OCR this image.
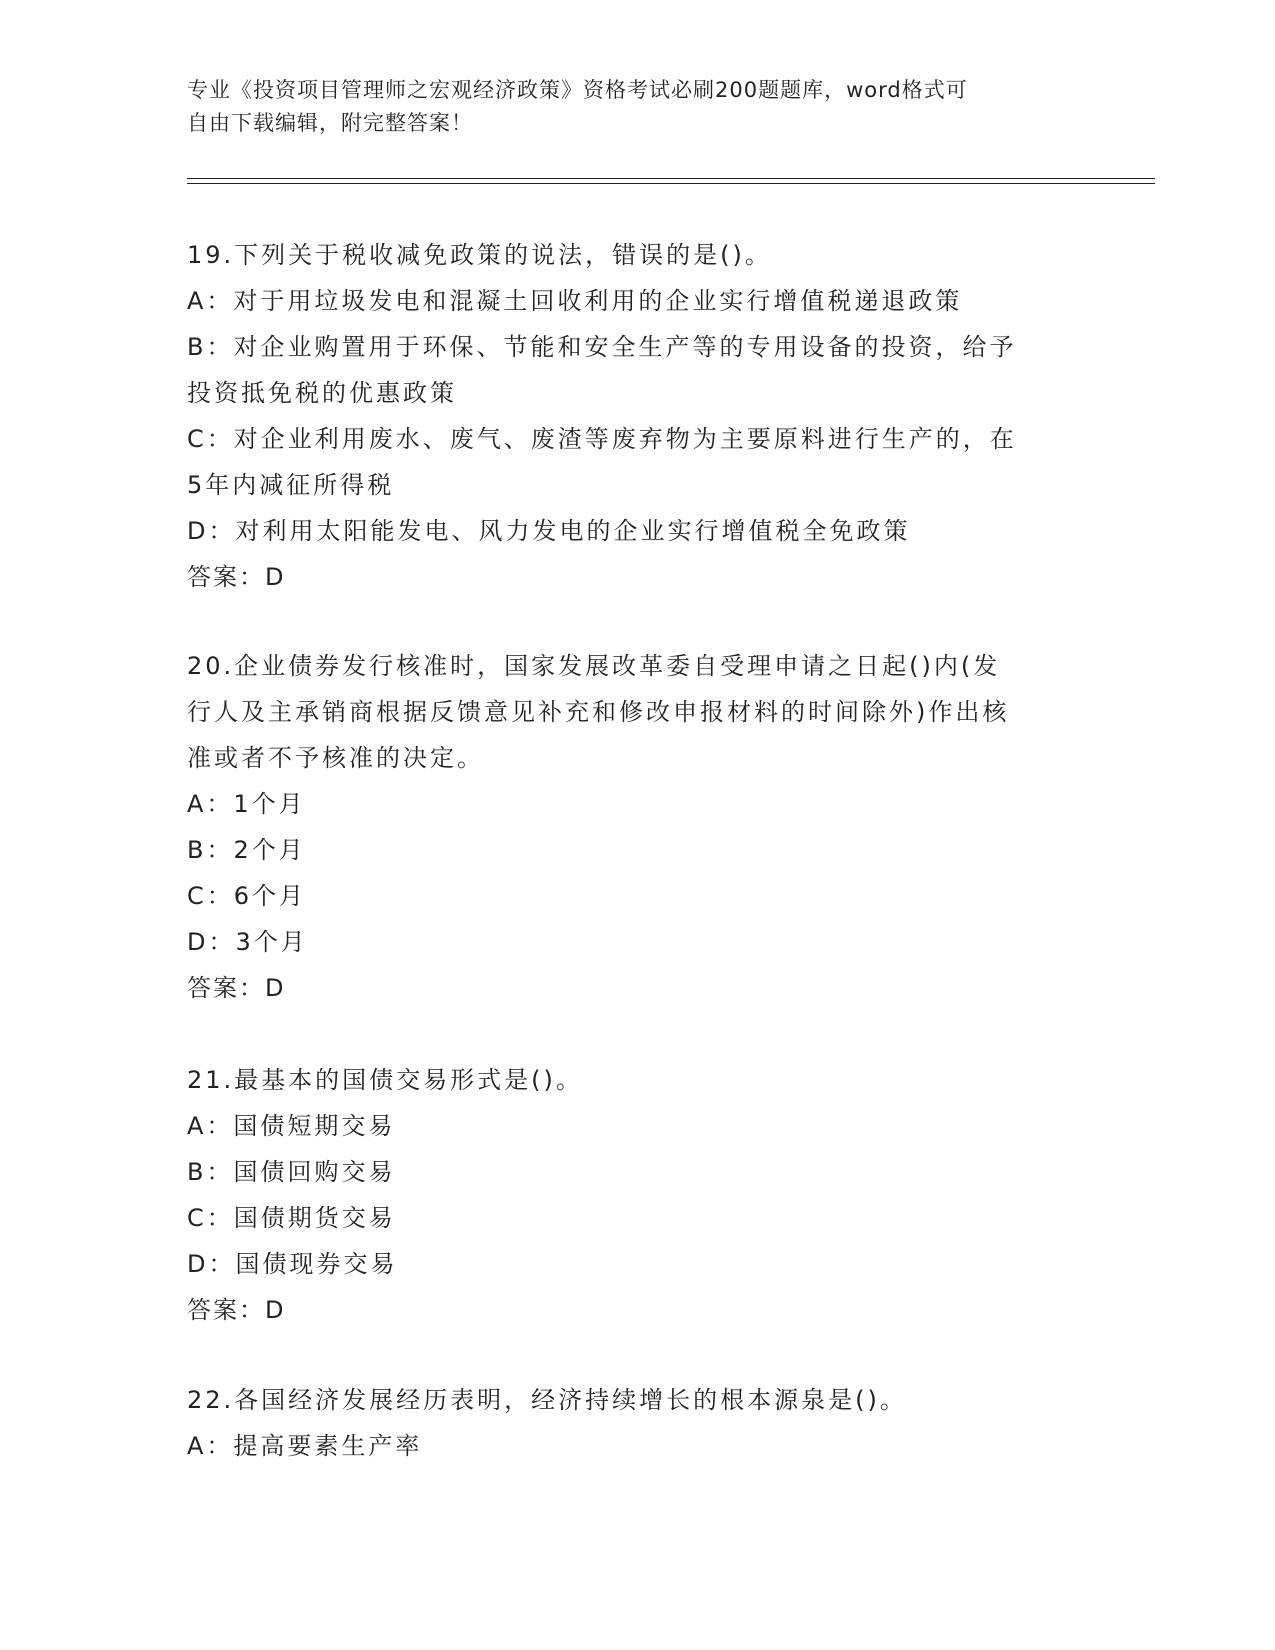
专业《投资项目管理师之宏观经济政策》资格考试必刷200题题库，word格式可
自由下载编辑，附完整答案！
19.下列关于税收减免政策的说法，错误的是()。
A：对于用垃圾发电和混凝土回收利用的企业实行增值税递退政策
B：对企业购置用于环保、节能和安全生产等的专用设备的投资，给予
投资抵免税的优惠政策
C：对企业利用废水、废气、废渣等废弃物为主要原料进行生产的，在
5年内减征所得税
D：对利用太阳能发电、风力发电的企业实行增值税全免政策
答案：D
20.企业债券发行核准时，国家发展改革委自受理申请之日起()内(发
行人及主承销商根据反馈意见补充和修改申报材料的时间除外)作出核
准或者不予核准的决定。
A：1个月
B：2个月
C：6个月
D：3个月
答案：D
21.最基本的国债交易形式是()。
A：国债短期交易
B：国债回购交易
C：国债期货交易
D：国债现券交易
答案：D
22.各国经济发展经历表明，经济持续增长的根本源泉是()。
A：提高要素生产率
